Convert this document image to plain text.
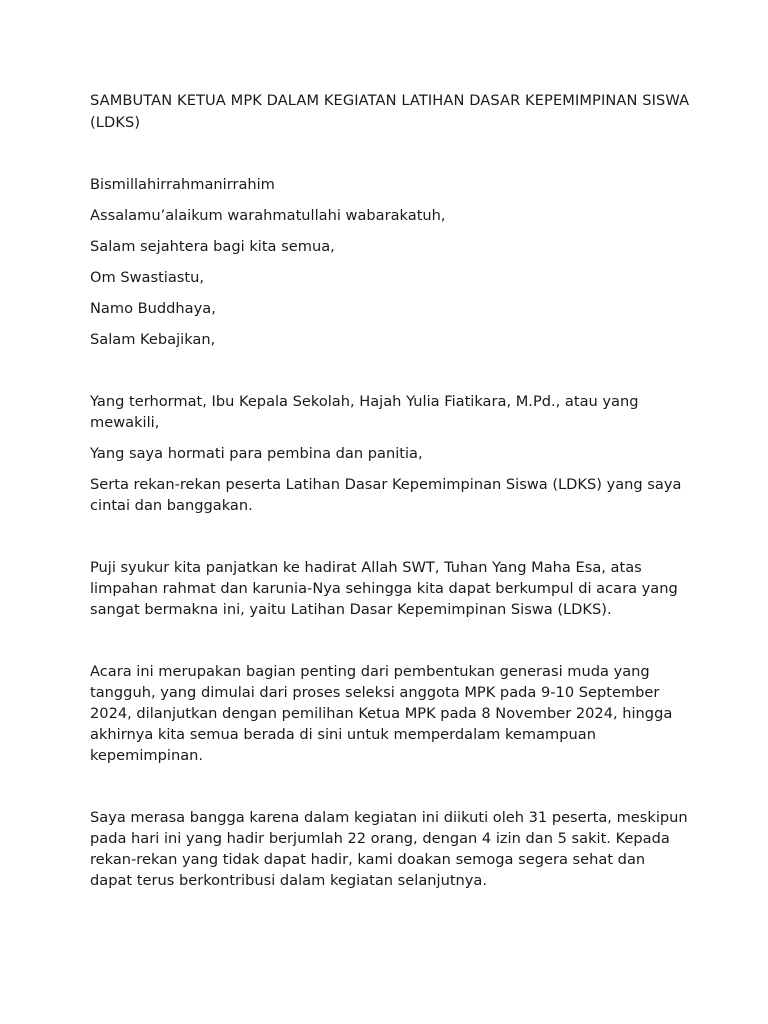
SAMBUTAN KETUA MPK DALAM KEGIATAN LATIHAN DASAR KEPEMIMPINAN SISWA (LDKS)
Bismillahirrahmanirrahim
Assalamu’alaikum warahmatullahi wabarakatuh,
Salam sejahtera bagi kita semua,
Om Swastiastu,
Namo Buddhaya,
Salam Kebajikan,
Yang terhormat, Ibu Kepala Sekolah, Hajah Yulia Fiatikara, M.Pd., atau yang mewakili,
Yang saya hormati para pembina dan panitia,
Serta rekan-rekan peserta Latihan Dasar Kepemimpinan Siswa (LDKS) yang saya cintai dan banggakan.
Puji syukur kita panjatkan ke hadirat Allah SWT, Tuhan Yang Maha Esa, atas limpahan rahmat dan karunia-Nya sehingga kita dapat berkumpul di acara yang sangat bermakna ini, yaitu Latihan Dasar Kepemimpinan Siswa (LDKS).
Acara ini merupakan bagian penting dari pembentukan generasi muda yang tangguh, yang dimulai dari proses seleksi anggota MPK pada 9-10 September 2024, dilanjutkan dengan pemilihan Ketua MPK pada 8 November 2024, hingga akhirnya kita semua berada di sini untuk memperdalam kemampuan kepemimpinan.
Saya merasa bangga karena dalam kegiatan ini diikuti oleh 31 peserta, meskipun pada hari ini yang hadir berjumlah 22 orang, dengan 4 izin dan 5 sakit. Kepada rekan-rekan yang tidak dapat hadir, kami doakan semoga segera sehat dan dapat terus berkontribusi dalam kegiatan selanjutnya.
